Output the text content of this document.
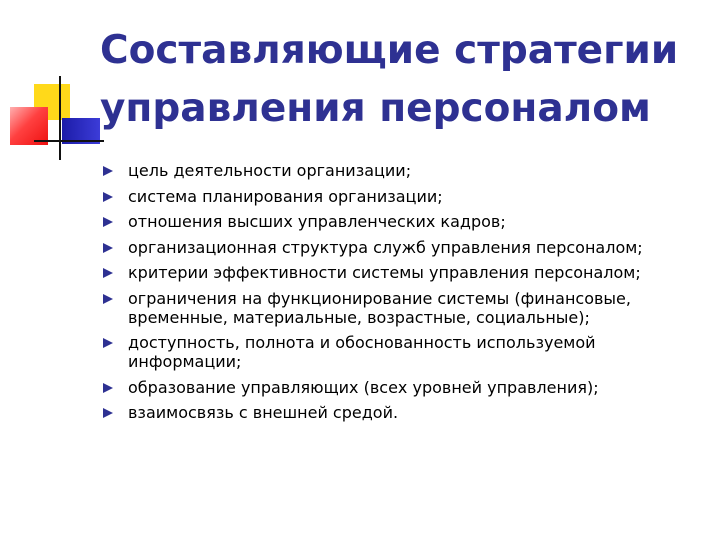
Составляющие стратегии управления персоналом
цель деятельности организации;
система планирования организации;
отношения высших управленческих кадров;
организационная структура служб управления персоналом;
критерии эффективности системы управления персоналом;
ограничения на функционирование системы (финансовые, временные, материальные, возрастные, социальные);
доступность, полнота и обоснованность используемой информации;
образование управляющих (всех уровней управления);
взаимосвязь с внешней средой.
